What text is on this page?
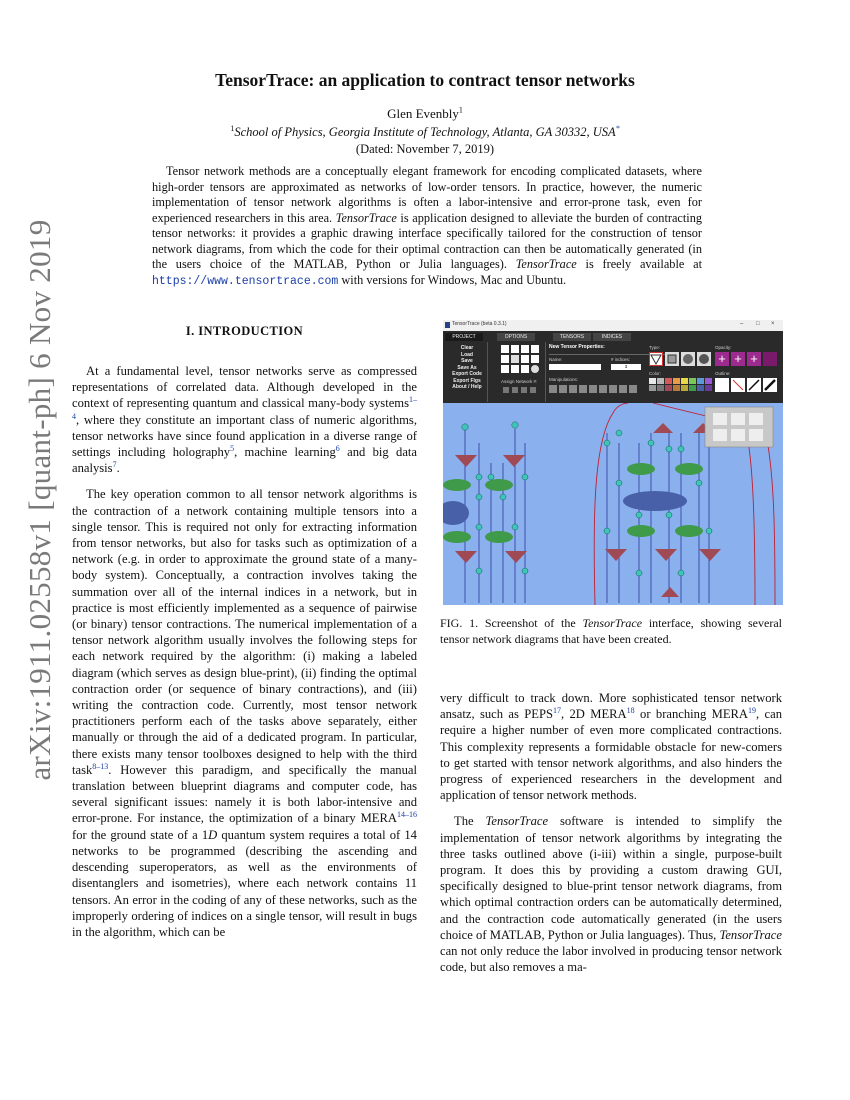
arXiv:1911.02558v1 [quant-ph] 6 Nov 2019
TensorTrace: an application to contract tensor networks
Glen Evenbly$^1$
$^1$School of Physics, Georgia Institute of Technology, Atlanta, GA 30332, USA*
(Dated: November 7, 2019)
Tensor network methods are a conceptually elegant framework for encoding complicated datasets, where high-order tensors are approximated as networks of low-order tensors. In practice, however, the numeric implementation of tensor network algorithms is often a labor-intensive and error-prone task, even for experienced researchers in this area. TensorTrace is application designed to alleviate the burden of contracting tensor networks: it provides a graphic drawing interface specifically tailored for the construction of tensor network diagrams, from which the code for their optimal contraction can then be automatically generated (in the users choice of the MATLAB, Python or Julia languages). TensorTrace is freely available at https://www.tensortrace.com with versions for Windows, Mac and Ubuntu.
I. INTRODUCTION

At a fundamental level, tensor networks serve as compressed representations of correlated data. Although developed in the context of representing quantum and classical many-body systems$^{1-4}$, where they constitute an important class of numeric algorithms, tensor networks have since found application in a diverse range of settings including holography$^5$, machine learning$^6$ and big data analysis$^7$.

The key operation common to all tensor network algorithms is the contraction of a network containing multiple tensors into a single tensor. This is required not only for extracting information from tensor networks, but also for tasks such as optimization of a network (e.g. in order to approximate the ground state of a many-body system). Conceptually, a contraction involves taking the summation over all of the internal indices in a network, but in practice is most efficiently implemented as a sequence of pairwise (or binary) tensor contractions. The numerical implementation of a tensor network algorithm usually involves the following steps for each network required by the algorithm: (i) making a labeled diagram (which serves as design blue-print), (ii) finding the optimal contraction order (or sequence of binary contractions), and (iii) writing the contraction code. Currently, most tensor network practitioners perform each of the tasks above separately, either manually or through the aid of a dedicated program. In particular, there exists many tensor toolboxes designed to help with the third task$^{8-13}$. However this paradigm, and specifically the manual translation between blueprint diagrams and computer code, has several significant issues: namely it is both labor-intensive and error-prone. For instance, the optimization of a binary MERA$^{14-16}$ for the ground state of a 1D quantum system requires a total of 14 networks to be programmed (describing the ascending and descending superoperators, as well as the environments of disentanglers and isometries), where each network contains 11 tensors. An error in the coding of any of these networks, such as the improperly ordering of indices on a single tensor, will result in bugs in the algorithm, which can be

TensorTrace (beta 0.3.1)	– □ ×
PROJECT	OPTIONS	TENSORS	INDICES
Clear
Load
Save
Save As
Export Code
Export Figs
About / Help
Assign Network #:
New Tensor Properties:
Name:	# indices:
3
Manipulations:
Type:
Color:
Opacity:
+ + +
Outline:
FIG. 1. Screenshot of the TensorTrace interface, showing several tensor network diagrams that have been created.

very difficult to track down. More sophisticated tensor network ansatz, such as PEPS$^{17}$, 2D MERA$^{18}$ or branching MERA$^{19}$, can require a higher number of even more complicated contractions. This complexity represents a formidable obstacle for new-comers to get started with tensor network algorithms, and also hinders the progress of experienced researchers in the development and application of tensor network methods.

The TensorTrace software is intended to simplify the implementation of tensor network algorithms by integrating the three tasks outlined above (i-iii) within a single, purpose-built program. It does this by providing a custom drawing GUI, specifically designed to blue-print tensor network diagrams, from which optimal contraction orders can be automatically determined, and the contraction code automatically generated (in the users choice of MATLAB, Python or Julia languages). Thus, TensorTrace can not only reduce the labor involved in producing tensor network code, but also removes a ma-
